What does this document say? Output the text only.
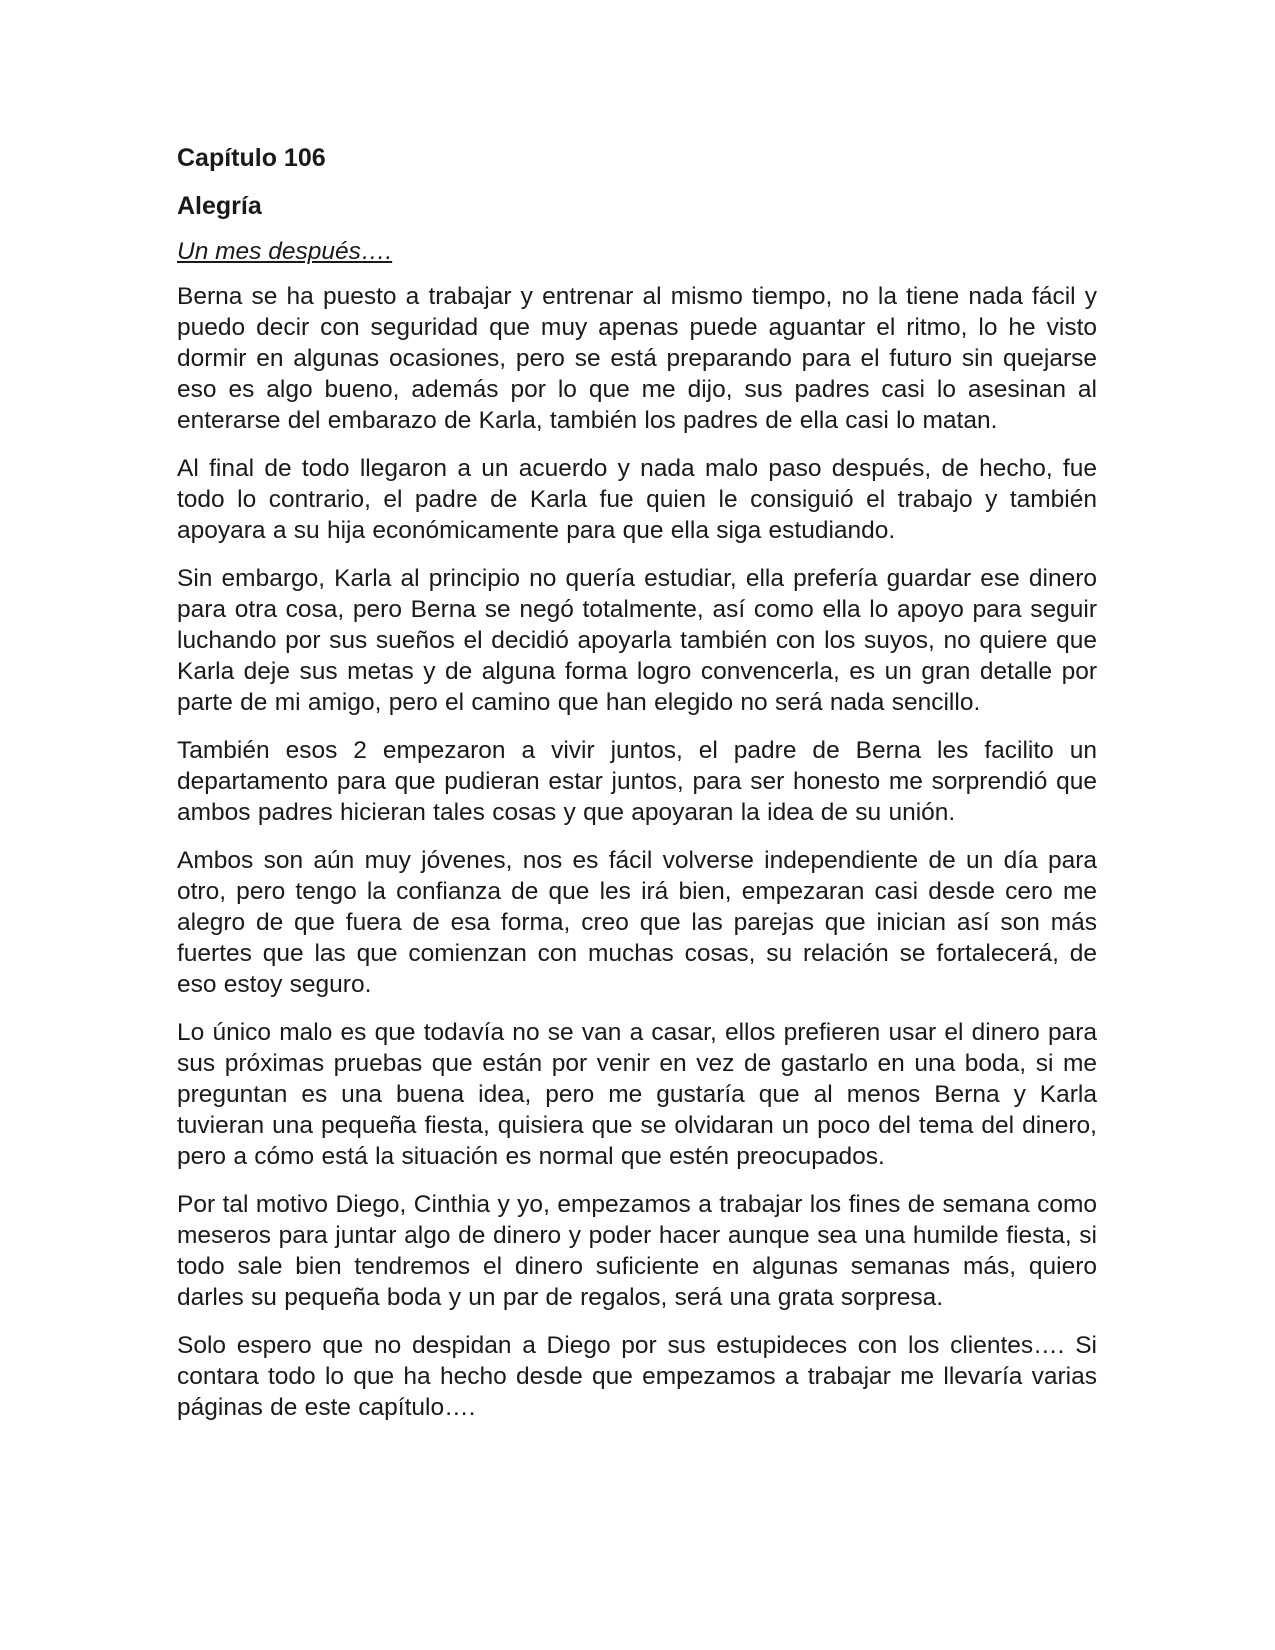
Capítulo 106
Alegría
Un mes después….

Berna se ha puesto a trabajar y entrenar al mismo tiempo, no la tiene nada fácil y puedo decir con seguridad que muy apenas puede aguantar el ritmo, lo he visto dormir en algunas ocasiones, pero se está preparando para el futuro sin quejarse eso es algo bueno, además por lo que me dijo, sus padres casi lo asesinan al enterarse del embarazo de Karla, también los padres de ella casi lo matan.

Al final de todo llegaron a un acuerdo y nada malo paso después, de hecho, fue todo lo contrario, el padre de Karla fue quien le consiguió el trabajo y también apoyara a su hija económicamente para que ella siga estudiando.

Sin embargo, Karla al principio no quería estudiar, ella prefería guardar ese dinero para otra cosa, pero Berna se negó totalmente, así como ella lo apoyo para seguir luchando por sus sueños el decidió apoyarla también con los suyos, no quiere que Karla deje sus metas y de alguna forma logro convencerla, es un gran detalle por parte de mi amigo, pero el camino que han elegido no será nada sencillo.

También esos 2 empezaron a vivir juntos, el padre de Berna les facilito un departamento para que pudieran estar juntos, para ser honesto me sorprendió que ambos padres hicieran tales cosas y que apoyaran la idea de su unión.

Ambos son aún muy jóvenes, nos es fácil volverse independiente de un día para otro, pero tengo la confianza de que les irá bien, empezaran casi desde cero me alegro de que fuera de esa forma, creo que las parejas que inician así son más fuertes que las que comienzan con muchas cosas, su relación se fortalecerá, de eso estoy seguro.

Lo único malo es que todavía no se van a casar, ellos prefieren usar el dinero para sus próximas pruebas que están por venir en vez de gastarlo en una boda, si me preguntan es una buena idea, pero me gustaría que al menos Berna y Karla tuvieran una pequeña fiesta, quisiera que se olvidaran un poco del tema del dinero, pero a cómo está la situación es normal que estén preocupados.

Por tal motivo Diego, Cinthia y yo, empezamos a trabajar los fines de semana como meseros para juntar algo de dinero y poder hacer aunque sea una humilde fiesta, si todo sale bien tendremos el dinero suficiente en algunas semanas más, quiero darles su pequeña boda y un par de regalos, será una grata sorpresa.

Solo espero que no despidan a Diego por sus estupideces con los clientes…. Si contara todo lo que ha hecho desde que empezamos a trabajar me llevaría varias páginas de este capítulo….
